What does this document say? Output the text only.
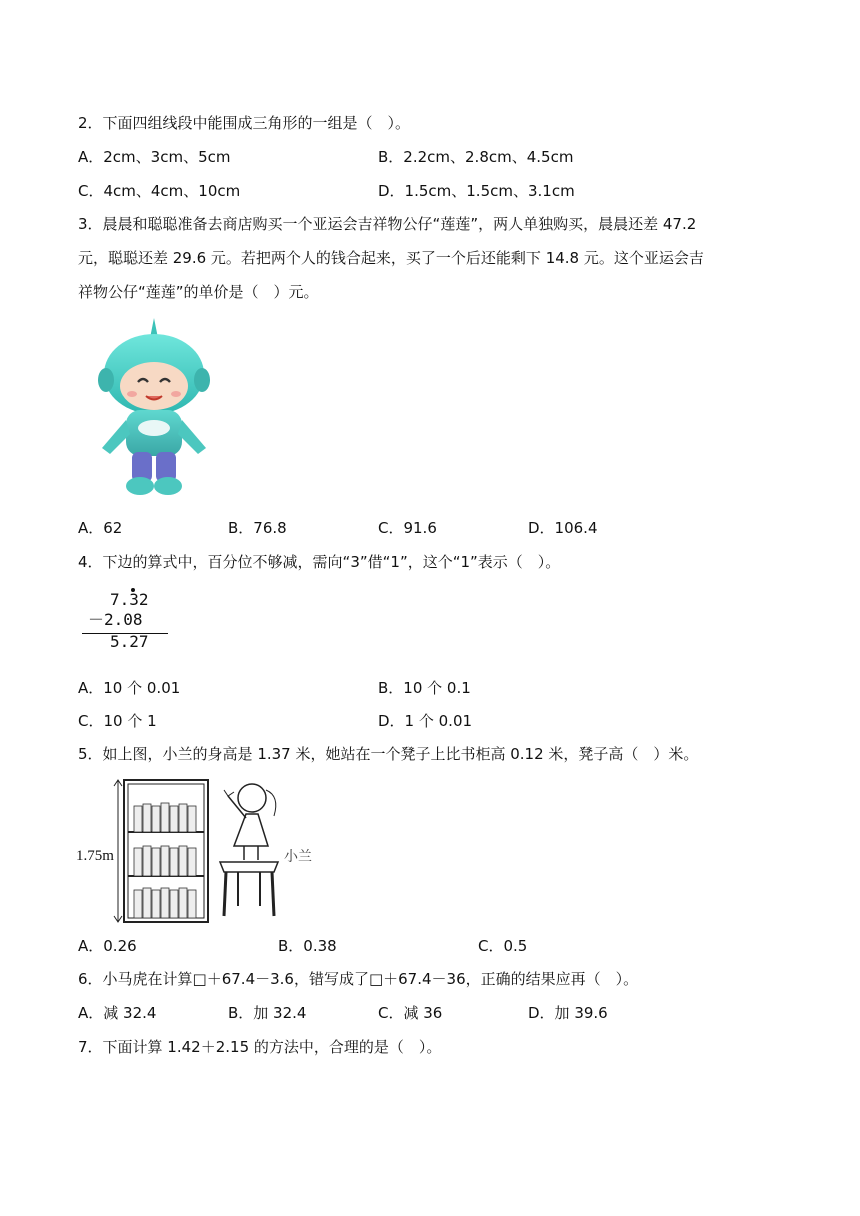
2．下面四组线段中能围成三角形的一组是（　）。
A．2cm、3cm、5cm	B．2.2cm、2.8cm、4.5cm
C．4cm、4cm、10cm	D．1.5cm、1.5cm、3.1cm
3．晨晨和聪聪准备去商店购买一个亚运会吉祥物公仔“莲莲”，两人单独购买，晨晨还差 47.2
元，聪聪还差 29.6 元。若把两个人的钱合起来，买了一个后还能剩下 14.8 元。这个亚运会吉
祥物公仔“莲莲”的单价是（　）元。
A．62	B．76.8	C．91.6	D．106.4
4．下边的算式中，百分位不够减，需向“3”借“1”，这个“1”表示（　）。
7.32
－2.08
5.27
A．10 个 0.01	B．10 个 0.1
C．10 个 1	D．1 个 0.01
5．如上图，小兰的身高是 1.37 米，她站在一个凳子上比书柜高 0.12 米，凳子高（　）米。
1.75m	小兰
A．0.26	B．0.38	C．0.5
6．小马虎在计算□＋67.4－3.6，错写成了□＋67.4－36，正确的结果应再（　）。
A．减 32.4	B．加 32.4	C．减 36	D．加 39.6
7．下面计算 1.42＋2.15 的方法中，合理的是（　）。
